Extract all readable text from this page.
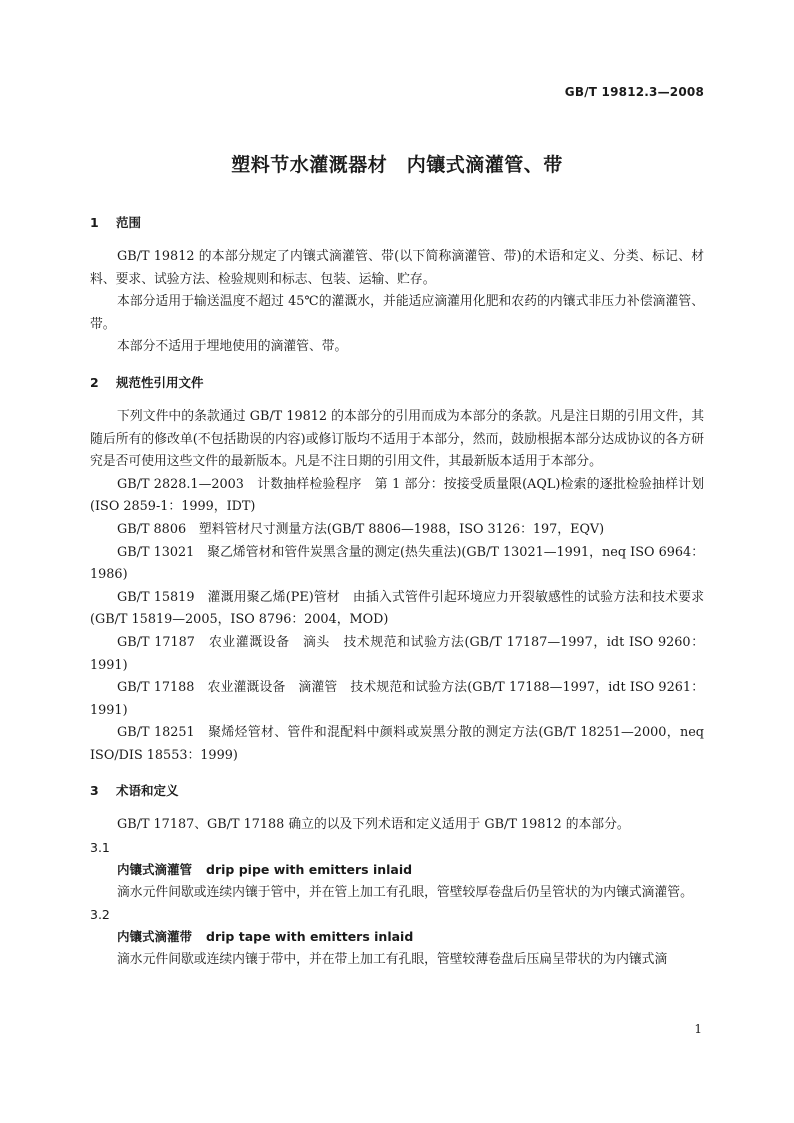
GB/T 19812.3—2008
塑料节水灌溉器材　内镶式滴灌管、带
1 范围

GB/T 19812 的本部分规定了内镶式滴灌管、带(以下简称滴灌管、带)的术语和定义、分类、标记、材料、要求、试验方法、检验规则和标志、包装、运输、贮存。

本部分适用于输送温度不超过 45℃的灌溉水，并能适应滴灌用化肥和农药的内镶式非压力补偿滴灌管、带。

本部分不适用于埋地使用的滴灌管、带。

2 规范性引用文件

下列文件中的条款通过 GB/T 19812 的本部分的引用而成为本部分的条款。凡是注日期的引用文件，其随后所有的修改单(不包括勘误的内容)或修订版均不适用于本部分，然而，鼓励根据本部分达成协议的各方研究是否可使用这些文件的最新版本。凡是不注日期的引用文件，其最新版本适用于本部分。

GB/T 2828.1—2003　计数抽样检验程序　第 1 部分：按接受质量限(AQL)检索的逐批检验抽样计划(ISO 2859-1：1999，IDT)

GB/T 8806　塑料管材尺寸测量方法(GB/T 8806—1988，ISO 3126：197，EQV)

GB/T 13021　聚乙烯管材和管件炭黑含量的测定(热失重法)(GB/T 13021—1991，neq ISO 6964：1986)

GB/T 15819　灌溉用聚乙烯(PE)管材　由插入式管件引起环境应力开裂敏感性的试验方法和技术要求(GB/T 15819—2005，ISO 8796：2004，MOD)

GB/T 17187　农业灌溉设备　滴头　技术规范和试验方法(GB/T 17187—1997，idt ISO 9260：1991)

GB/T 17188　农业灌溉设备　滴灌管　技术规范和试验方法(GB/T 17188—1997，idt ISO 9261：1991)

GB/T 18251　聚烯烃管材、管件和混配料中颜料或炭黑分散的测定方法(GB/T 18251—2000，neq ISO/DIS 18553：1999)

3 术语和定义

GB/T 17187、GB/T 17188 确立的以及下列术语和定义适用于 GB/T 19812 的本部分。

3.1
内镶式滴灌管 drip pipe with emitters inlaid

滴水元件间歇或连续内镶于管中，并在管上加工有孔眼，管壁较厚卷盘后仍呈管状的为内镶式滴灌管。

3.2
内镶式滴灌带 drip tape with emitters inlaid

滴水元件间歇或连续内镶于带中，并在带上加工有孔眼，管壁较薄卷盘后压扁呈带状的为内镶式滴

1
